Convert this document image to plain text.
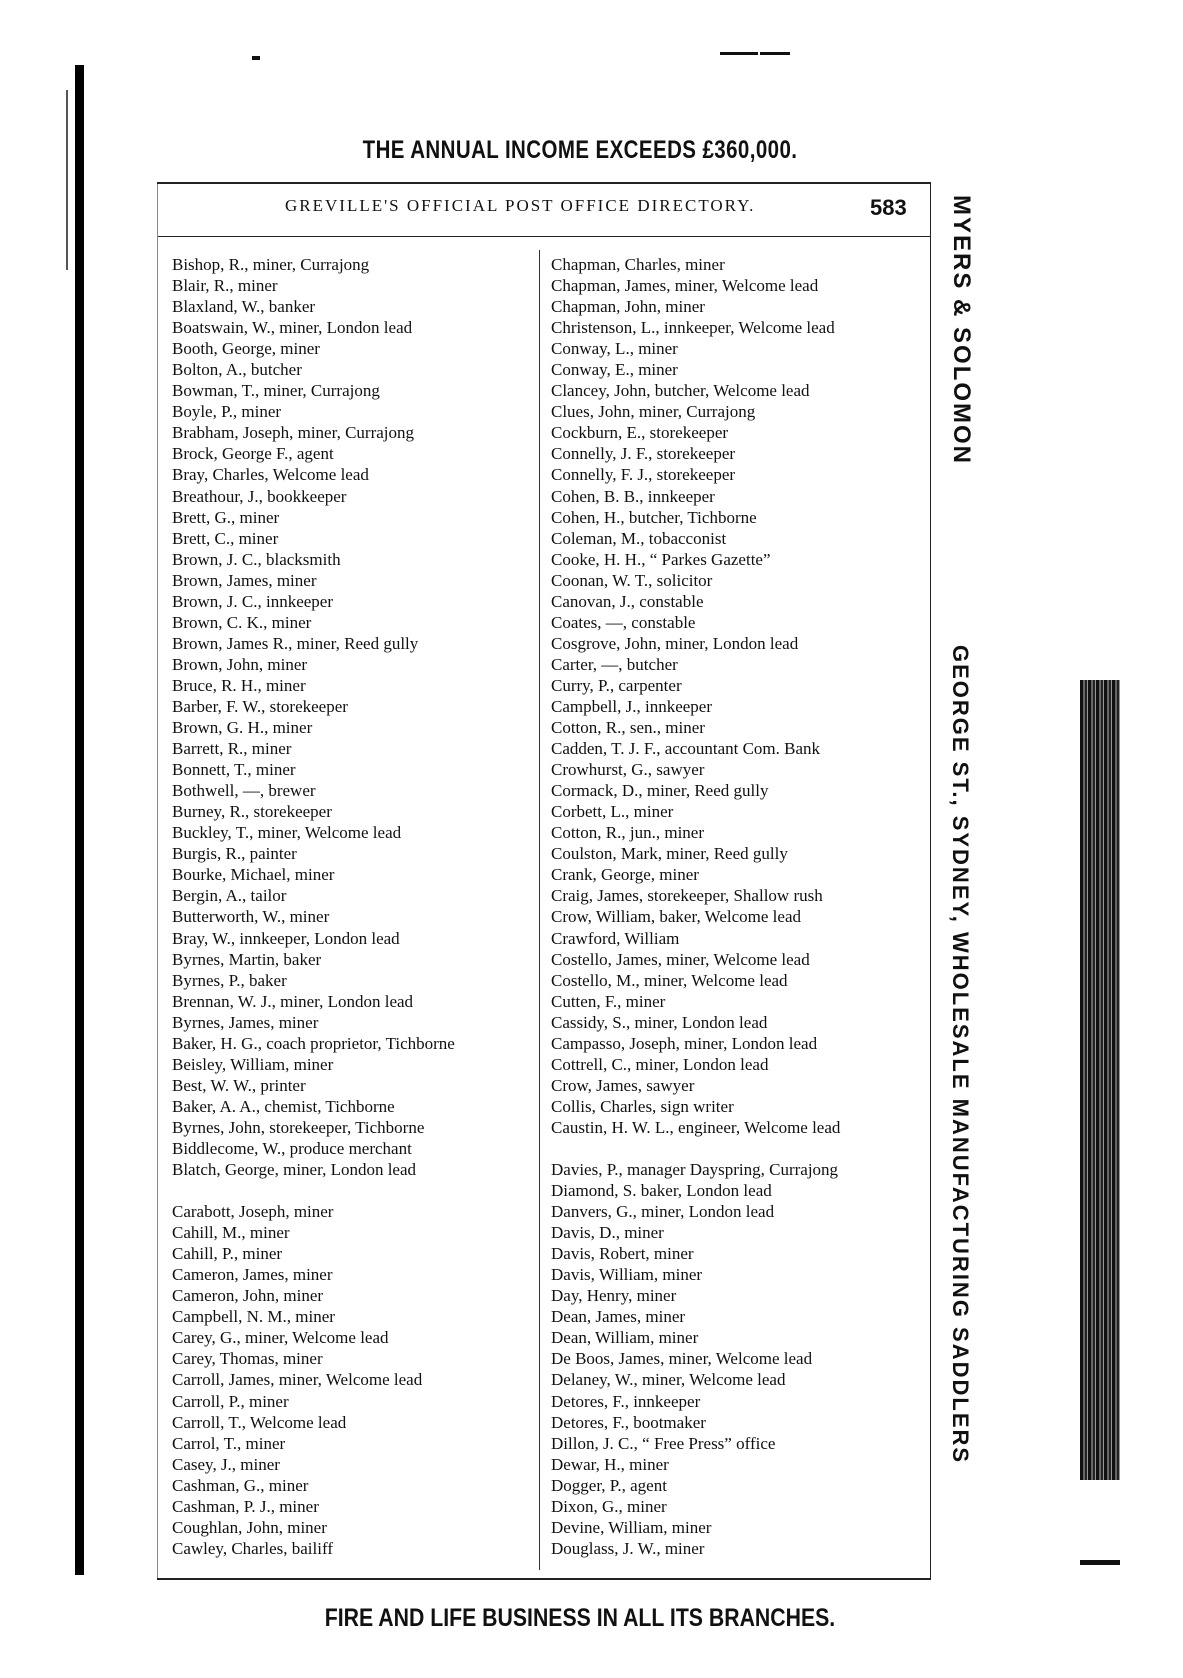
THE ANNUAL INCOME EXCEEDS £360,000.
GREVILLE'S OFFICIAL POST OFFICE DIRECTORY.	583
Bishop, R., miner, Currajong
Blair, R., miner
Blaxland, W., banker
Boatswain, W., miner, London lead
Booth, George, miner
Bolton, A., butcher
Bowman, T., miner, Currajong
Boyle, P., miner
Brabham, Joseph, miner, Currajong
Brock, George F., agent
Bray, Charles, Welcome lead
Breathour, J., bookkeeper
Brett, G., miner
Brett, C., miner
Brown, J. C., blacksmith
Brown, James, miner
Brown, J. C., innkeeper
Brown, C. K., miner
Brown, James R., miner, Reed gully
Brown, John, miner
Bruce, R. H., miner
Barber, F. W., storekeeper
Brown, G. H., miner
Barrett, R., miner
Bonnett, T., miner
Bothwell, —, brewer
Burney, R., storekeeper
Buckley, T., miner, Welcome lead
Burgis, R., painter
Bourke, Michael, miner
Bergin, A., tailor
Butterworth, W., miner
Bray, W., innkeeper, London lead
Byrnes, Martin, baker
Byrnes, P., baker
Brennan, W. J., miner, London lead
Byrnes, James, miner
Baker, H. G., coach proprietor, Tichborne
Beisley, William, miner
Best, W. W., printer
Baker, A. A., chemist, Tichborne
Byrnes, John, storekeeper, Tichborne
Biddlecome, W., produce merchant
Blatch, George, miner, London lead
Carabott, Joseph, miner
Cahill, M., miner
Cahill, P., miner
Cameron, James, miner
Cameron, John, miner
Campbell, N. M., miner
Carey, G., miner, Welcome lead
Carey, Thomas, miner
Carroll, James, miner, Welcome lead
Carroll, P., miner
Carroll, T., Welcome lead
Carrol, T., miner
Casey, J., miner
Cashman, G., miner
Cashman, P. J., miner
Coughlan, John, miner
Cawley, Charles, bailiff
Chapman, Charles, miner
Chapman, James, miner, Welcome lead
Chapman, John, miner
Christenson, L., innkeeper, Welcome lead
Conway, L., miner
Conway, E., miner
Clancey, John, butcher, Welcome lead
Clues, John, miner, Currajong
Cockburn, E., storekeeper
Connelly, J. F., storekeeper
Connelly, F. J., storekeeper
Cohen, B. B., innkeeper
Cohen, H., butcher, Tichborne
Coleman, M., tobacconist
Cooke, H. H., “ Parkes Gazette”
Coonan, W. T., solicitor
Canovan, J., constable
Coates, —, constable
Cosgrove, John, miner, London lead
Carter, —, butcher
Curry, P., carpenter
Campbell, J., innkeeper
Cotton, R., sen., miner
Cadden, T. J. F., accountant Com. Bank
Crowhurst, G., sawyer
Cormack, D., miner, Reed gully
Corbett, L., miner
Cotton, R., jun., miner
Coulston, Mark, miner, Reed gully
Crank, George, miner
Craig, James, storekeeper, Shallow rush
Crow, William, baker, Welcome lead
Crawford, William
Costello, James, miner, Welcome lead
Costello, M., miner, Welcome lead
Cutten, F., miner
Cassidy, S., miner, London lead
Campasso, Joseph, miner, London lead
Cottrell, C., miner, London lead
Crow, James, sawyer
Collis, Charles, sign writer
Caustin, H. W. L., engineer, Welcome lead
Davies, P., manager Dayspring, Currajong
Diamond, S. baker, London lead
Danvers, G., miner, London lead
Davis, D., miner
Davis, Robert, miner
Davis, William, miner
Day, Henry, miner
Dean, James, miner
Dean, William, miner
De Boos, James, miner, Welcome lead
Delaney, W., miner, Welcome lead
Detores, F., innkeeper
Detores, F., bootmaker
Dillon, J. C., “ Free Press” office
Dewar, H., miner
Dogger, P., agent
Dixon, G., miner
Devine, William, miner
Douglass, J. W., miner
FIRE AND LIFE BUSINESS IN ALL ITS BRANCHES.
MYERS & SOLOMON
GEORGE ST., SYDNEY, WHOLESALE MANUFACTURING SADDLERS
